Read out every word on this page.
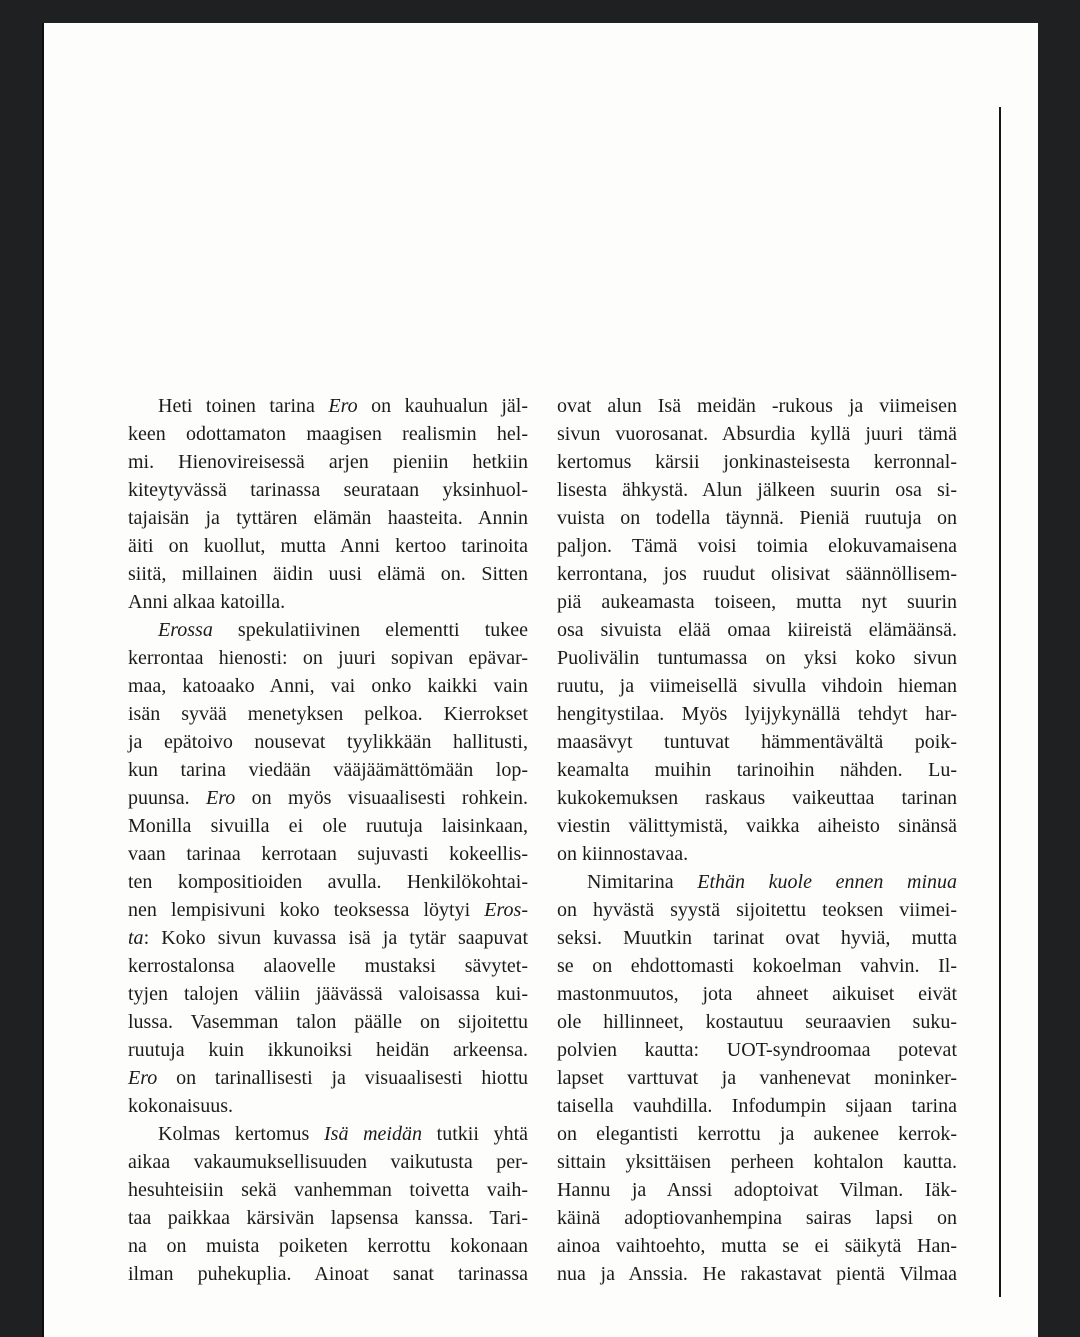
Heti toinen tarina Ero on kauhualun jäl-
keen odottamaton maagisen realismin hel-
mi. Hienovireisessä arjen pieniin hetkiin
kiteytyvässä tarinassa seurataan yksinhuol-
tajaisän ja tyttären elämän haasteita. Annin
äiti on kuollut, mutta Anni kertoo tarinoita
siitä, millainen äidin uusi elämä on. Sitten
Anni alkaa katoilla.
Erossa spekulatiivinen elementti tukee
kerrontaa hienosti: on juuri sopivan epävar-
maa, katoaako Anni, vai onko kaikki vain
isän syvää menetyksen pelkoa. Kierrokset
ja epätoivo nousevat tyylikkään hallitusti,
kun tarina viedään vääjäämättömään lop-
puunsa. Ero on myös visuaalisesti rohkein.
Monilla sivuilla ei ole ruutuja laisinkaan,
vaan tarinaa kerrotaan sujuvasti kokeellis-
ten kompositioiden avulla. Henkilökohtai-
nen lempisivuni koko teoksessa löytyi Eros-
ta: Koko sivun kuvassa isä ja tytär saapuvat
kerrostalonsa alaovelle mustaksi sävytet-
tyjen talojen väliin jäävässä valoisassa kui-
lussa. Vasemman talon päälle on sijoitettu
ruutuja kuin ikkunoiksi heidän arkeensa.
Ero on tarinallisesti ja visuaalisesti hiottu
kokonaisuus.
Kolmas kertomus Isä meidän tutkii yhtä
aikaa vakaumuksellisuuden vaikutusta per-
hesuhteisiin sekä vanhemman toivetta vaih-
taa paikkaa kärsivän lapsensa kanssa. Tari-
na on muista poiketen kerrottu kokonaan
ilman puhekuplia. Ainoat sanat tarinassa
ovat alun Isä meidän -rukous ja viimeisen
sivun vuorosanat. Absurdia kyllä juuri tämä
kertomus kärsii jonkinasteisesta kerronnal-
lisesta ähkystä. Alun jälkeen suurin osa si-
vuista on todella täynnä. Pieniä ruutuja on
paljon. Tämä voisi toimia elokuvamaisena
kerrontana, jos ruudut olisivat säännöllisem-
piä aukeamasta toiseen, mutta nyt suurin
osa sivuista elää omaa kiireistä elämäänsä.
Puolivälin tuntumassa on yksi koko sivun
ruutu, ja viimeisellä sivulla vihdoin hieman
hengitystilaa. Myös lyijykynällä tehdyt har-
maasävyt tuntuvat hämmentävältä poik-
keamalta muihin tarinoihin nähden. Lu-
kukokemuksen raskaus vaikeuttaa tarinan
viestin välittymistä, vaikka aiheisto sinänsä
on kiinnostavaa.
Nimitarina Ethän kuole ennen minua
on hyvästä syystä sijoitettu teoksen viimei-
seksi. Muutkin tarinat ovat hyviä, mutta
se on ehdottomasti kokoelman vahvin. Il-
mastonmuutos, jota ahneet aikuiset eivät
ole hillinneet, kostautuu seuraavien suku-
polvien kautta: UOT-syndroomaa potevat
lapset varttuvat ja vanhenevat moninker-
taisella vauhdilla. Infodumpin sijaan tarina
on elegantisti kerrottu ja aukenee kerrok-
sittain yksittäisen perheen kohtalon kautta.
Hannu ja Anssi adoptoivat Vilman. Iäk-
käinä adoptiovanhempina sairas lapsi on
ainoa vaihtoehto, mutta se ei säikytä Han-
nua ja Anssia. He rakastavat pientä Vilmaa
